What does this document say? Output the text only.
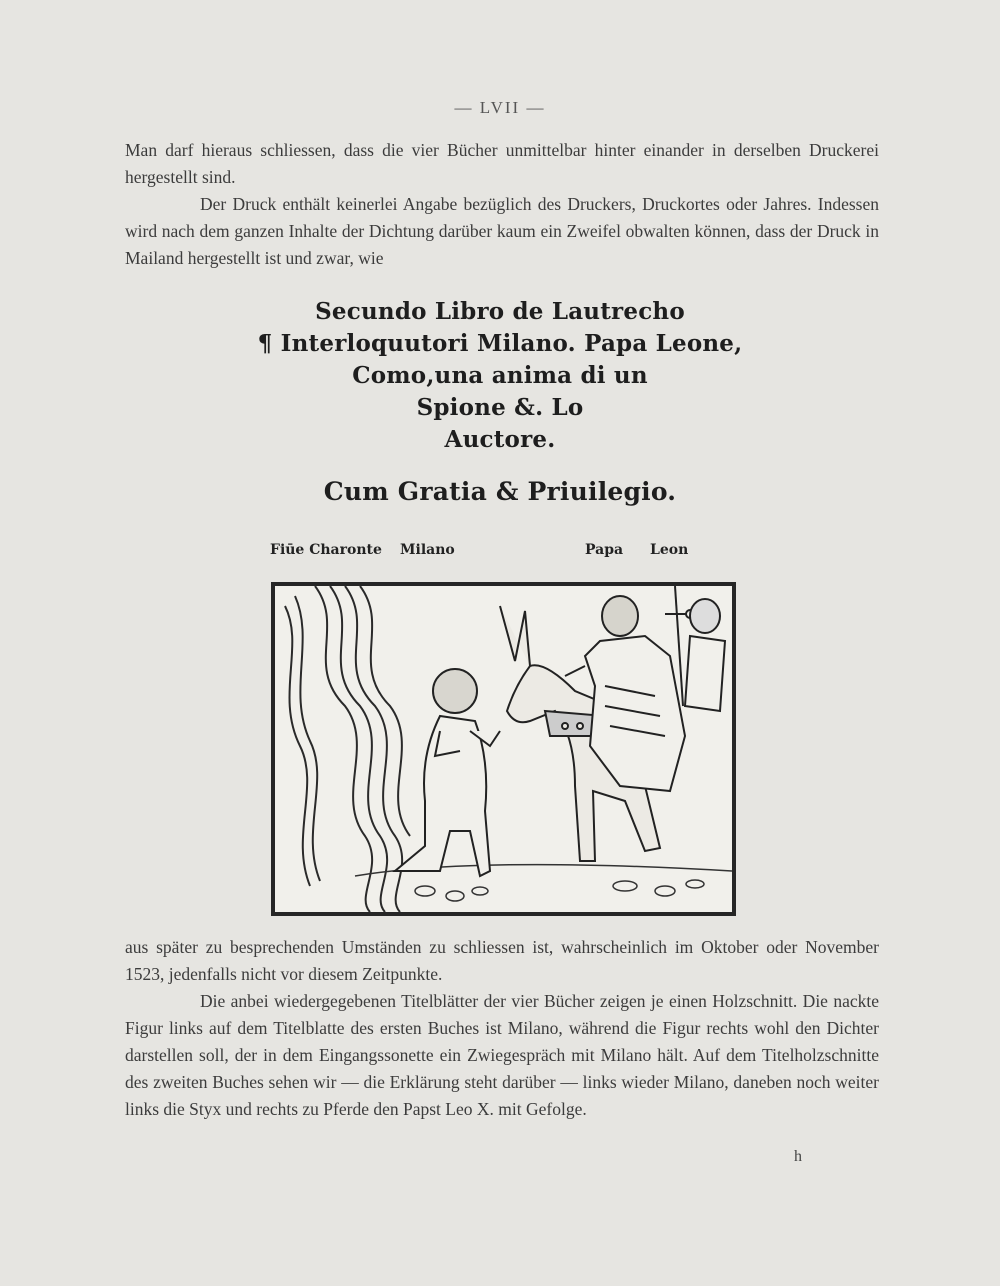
— LVII —

Man darf hieraus schliessen, dass die vier Bücher unmittelbar hinter einander in derselben Druckerei hergestellt sind.

Der Druck enthält keinerlei Angabe bezüglich des Druckers, Druckortes oder Jahres. Indessen wird nach dem ganzen Inhalte der Dichtung darüber kaum ein Zweifel obwalten können, dass der Druck in Mailand hergestellt ist und zwar, wie

Secundo Libro de Lautrecho
¶ Interloquutori Milano. Papa Leone,
Como,una anima di un
Spione &. Lo
Auctore.
Cum Gratia & Priuilegio.
Fiūe Charonte Milano	Papa Leon

aus später zu besprechenden Umständen zu schliessen ist, wahrscheinlich im Oktober oder November 1523, jedenfalls nicht vor diesem Zeitpunkte.

Die anbei wiedergegebenen Titelblätter der vier Bücher zeigen je einen Holzschnitt. Die nackte Figur links auf dem Titelblatte des ersten Buches ist Milano, während die Figur rechts wohl den Dichter darstellen soll, der in dem Eingangssonette ein Zwiegespräch mit Milano hält. Auf dem Titelholzschnitte des zweiten Buches sehen wir — die Erklärung steht darüber — links wieder Milano, daneben noch weiter links die Styx und rechts zu Pferde den Papst Leo X. mit Gefolge.

h
